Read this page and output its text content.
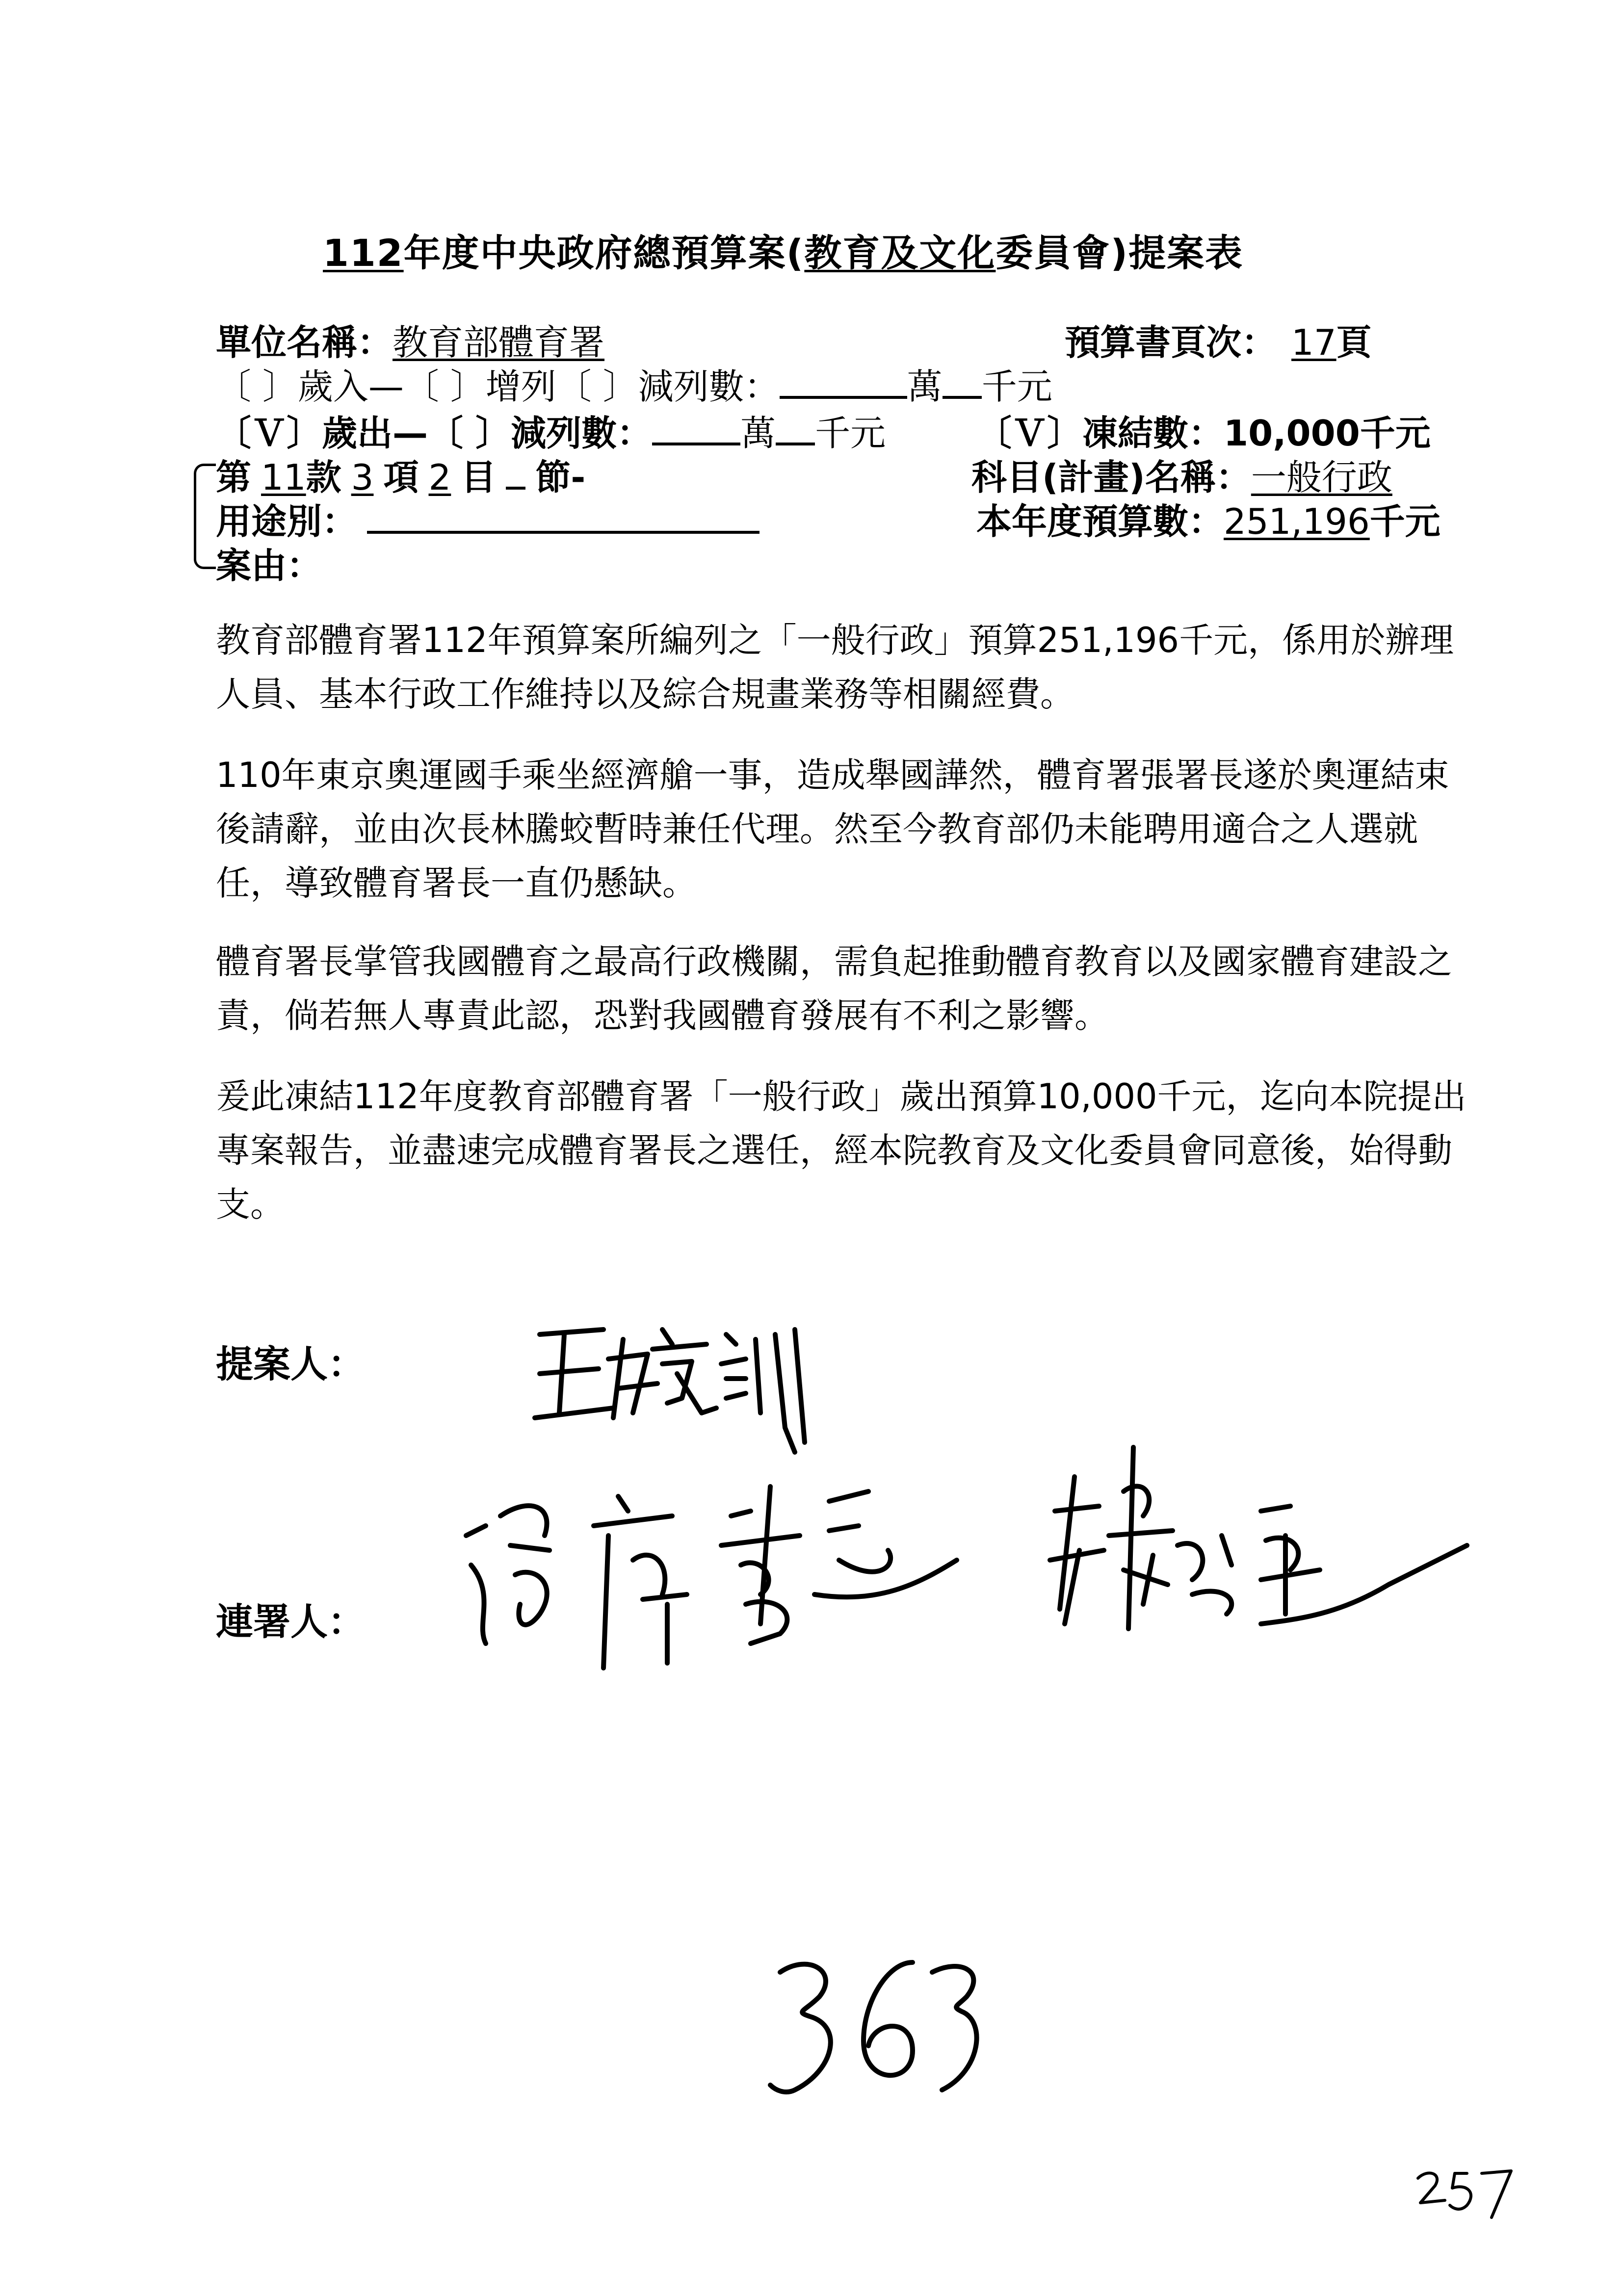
112年度中央政府總預算案(教育及文化委員會)提案表
單位名稱：教育部體育署	預算書頁次： 17頁
〔 〕歲入—〔 〕增列〔 〕減列數：	萬 千元
〔Ｖ〕歲出—〔 〕減列數：	萬 千元	〔Ｖ〕凍結數：10,000千元
第 11款 3 項 2 目 節-	科目(計畫)名稱：一般行政
用途別：	本年度預算數：251,196千元
案由：
教育部體育署112年預算案所編列之「一般行政」預算251,196千元，係用於辦理人員、基本行政工作維持以及綜合規畫業務等相關經費。
110年東京奧運國手乘坐經濟艙一事，造成舉國譁然，體育署張署長遂於奧運結束後請辭，並由次長林騰蛟暫時兼任代理。然至今教育部仍未能聘用適合之人選就任，導致體育署長一直仍懸缺。
體育署長掌管我國體育之最高行政機關，需負起推動體育教育以及國家體育建設之責，倘若無人專責此認，恐對我國體育發展有不利之影響。
爰此凍結112年度教育部體育署「一般行政」歲出預算10,000千元，迄向本院提出專案報告，並盡速完成體育署長之選任，經本院教育及文化委員會同意後，始得動支。
提案人：
連署人：
